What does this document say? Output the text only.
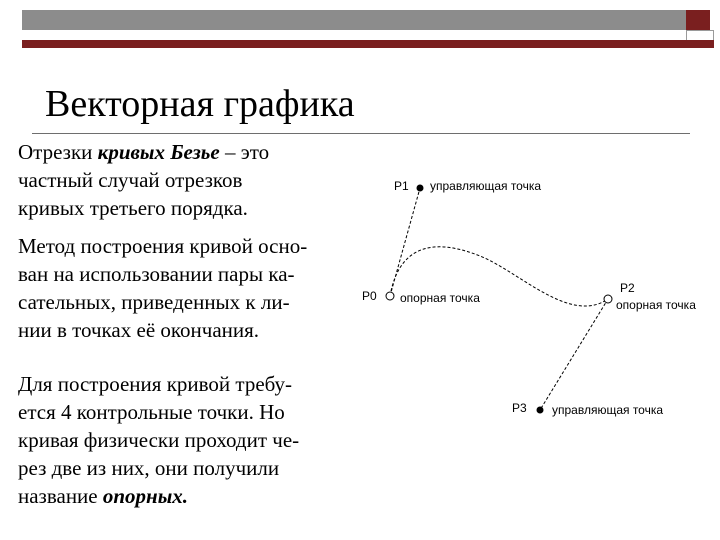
Векторная графика
Отрезки кривых Безье – это
частный случай отрезков
кривых третьего порядка.
Метод построения кривой осно-
ван на использовании пары ка-
сательных, приведенных к ли-
нии в точках её окончания.
Для построения кривой требу-
ется 4 контрольные точки. Но
кривая физически проходит че-
рез две из них, они получили
название опорных.
P1 управляющая точка
P0 опорная точка
P2
опорная точка
P3 управляющая точка
